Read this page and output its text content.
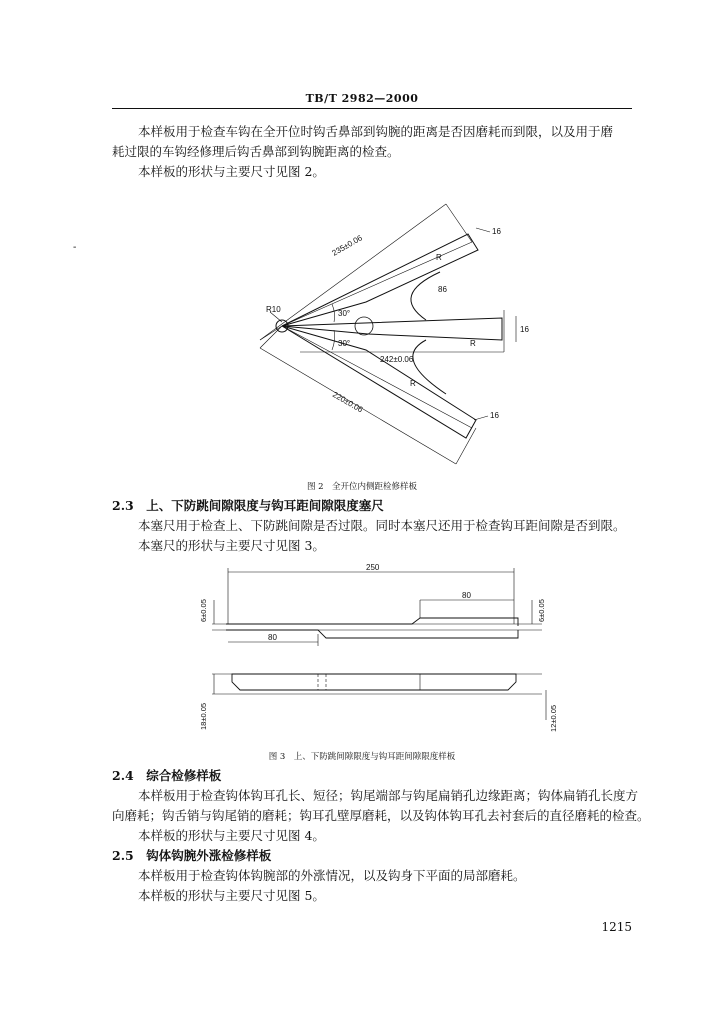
TB/T 2982—2000
本样板用于检查车钩在全开位时钩舌鼻部到钩腕的距离是否因磨耗而到限，以及用于磨
耗过限的车钩经修理后钩舌鼻部到钩腕距离的检查。
本样板的形状与主要尺寸见图 2。
-	235±0.06
242±0.06
220±0.06
16
16
16
R10	30°
30°
R
R
R
86
图 2　全开位内侧距检修样板
2.3　上、下防跳间隙限度与钩耳距间隙限度塞尺
本塞尺用于检查上、下防跳间隙是否过限。同时本塞尺还用于检查钩耳距间隙是否到限。
本塞尺的形状与主要尺寸见图 3。
250
80
80
6±0.05	6±0.05
18±0.05	12±0.05
图 3　上、下防跳间隙限度与钩耳距间隙限度样板
2.4　综合检修样板
本样板用于检查钩体钩耳孔长、短径；钩尾端部与钩尾扁销孔边缘距离；钩体扁销孔长度方
向磨耗；钩舌销与钩尾销的磨耗；钩耳孔壁厚磨耗，以及钩体钩耳孔去衬套后的直径磨耗的检查。
本样板的形状与主要尺寸见图 4。
2.5　钩体钩腕外涨检修样板
本样板用于检查钩体钩腕部的外涨情况，以及钩身下平面的局部磨耗。
本样板的形状与主要尺寸见图 5。
1215
